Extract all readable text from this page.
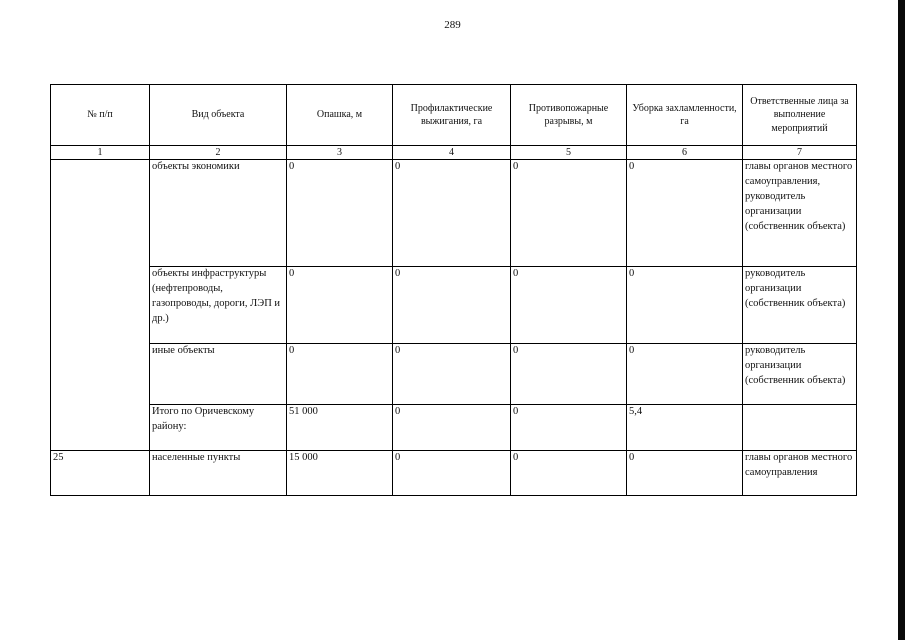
289
№ п/п	Вид объекта	Опашка, м	Профилактические выжигания, га	Противопожарные разрывы, м	Уборка захламленности, га	Ответственные лица за выполнение мероприятий
1	2	3	4	5	6	7
	объекты экономики	0	0	0	0	главы органов местного самоуправления, руководитель организации (собственник объекта)
	объекты инфраструктуры (нефтепроводы, газопроводы, дороги, ЛЭП и др.)	0	0	0	0	руководитель организации (собственник объекта)
	иные объекты	0	0	0	0	руководитель организации (собственник объекта)
	Итого по Оричевскому району:	51 000	0	0	5,4	
25	населенные пункты	15 000	0	0	0	главы органов местного самоуправления
